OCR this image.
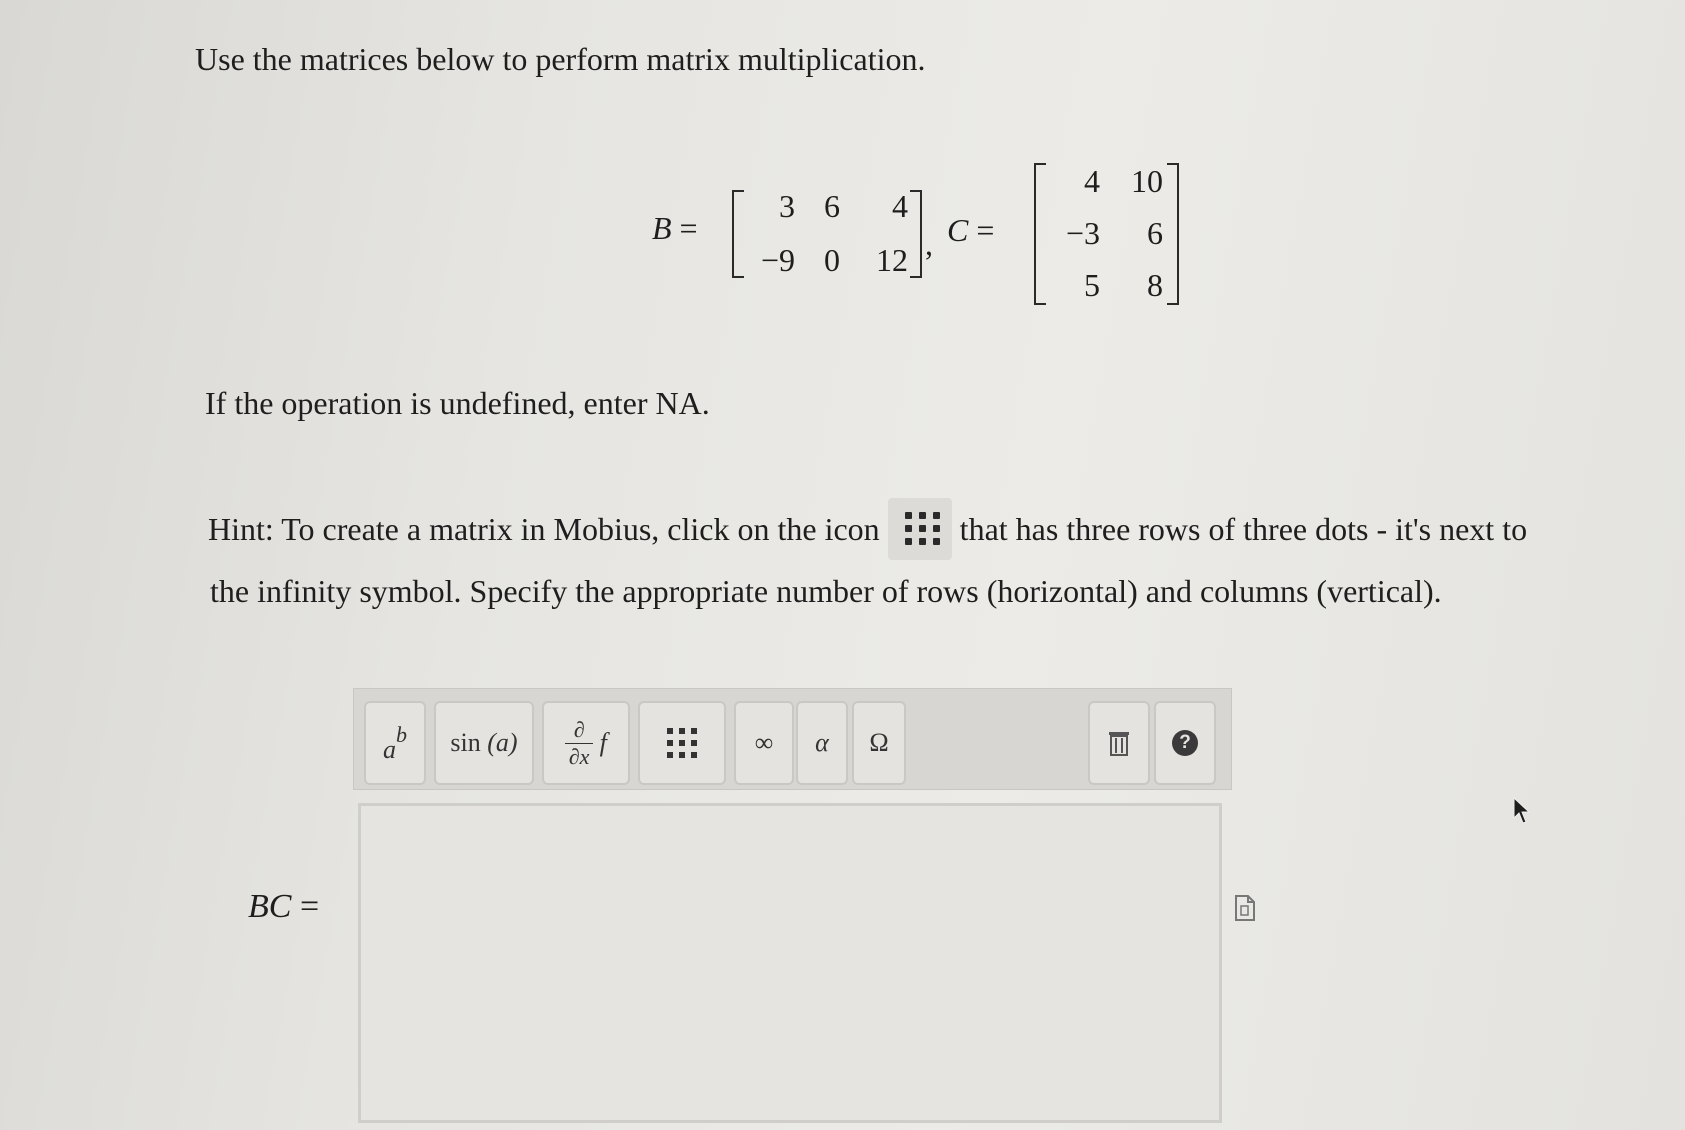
Use the matrices below to perform matrix multiplication.
B =
3 6	4
−9 0	12 , C =
4 10
−3	6
5	8
If the operation is undefined, enter NA.
Hint: To create a matrix in Mobius, click on the icon	that has three rows of three dots - it's next to
the infinity symbol. Specify the appropriate number of rows (horizontal) and columns (vertical).
BC =
a
b sin
(a)	∂
∂x
f	∞	α	Ω	?
